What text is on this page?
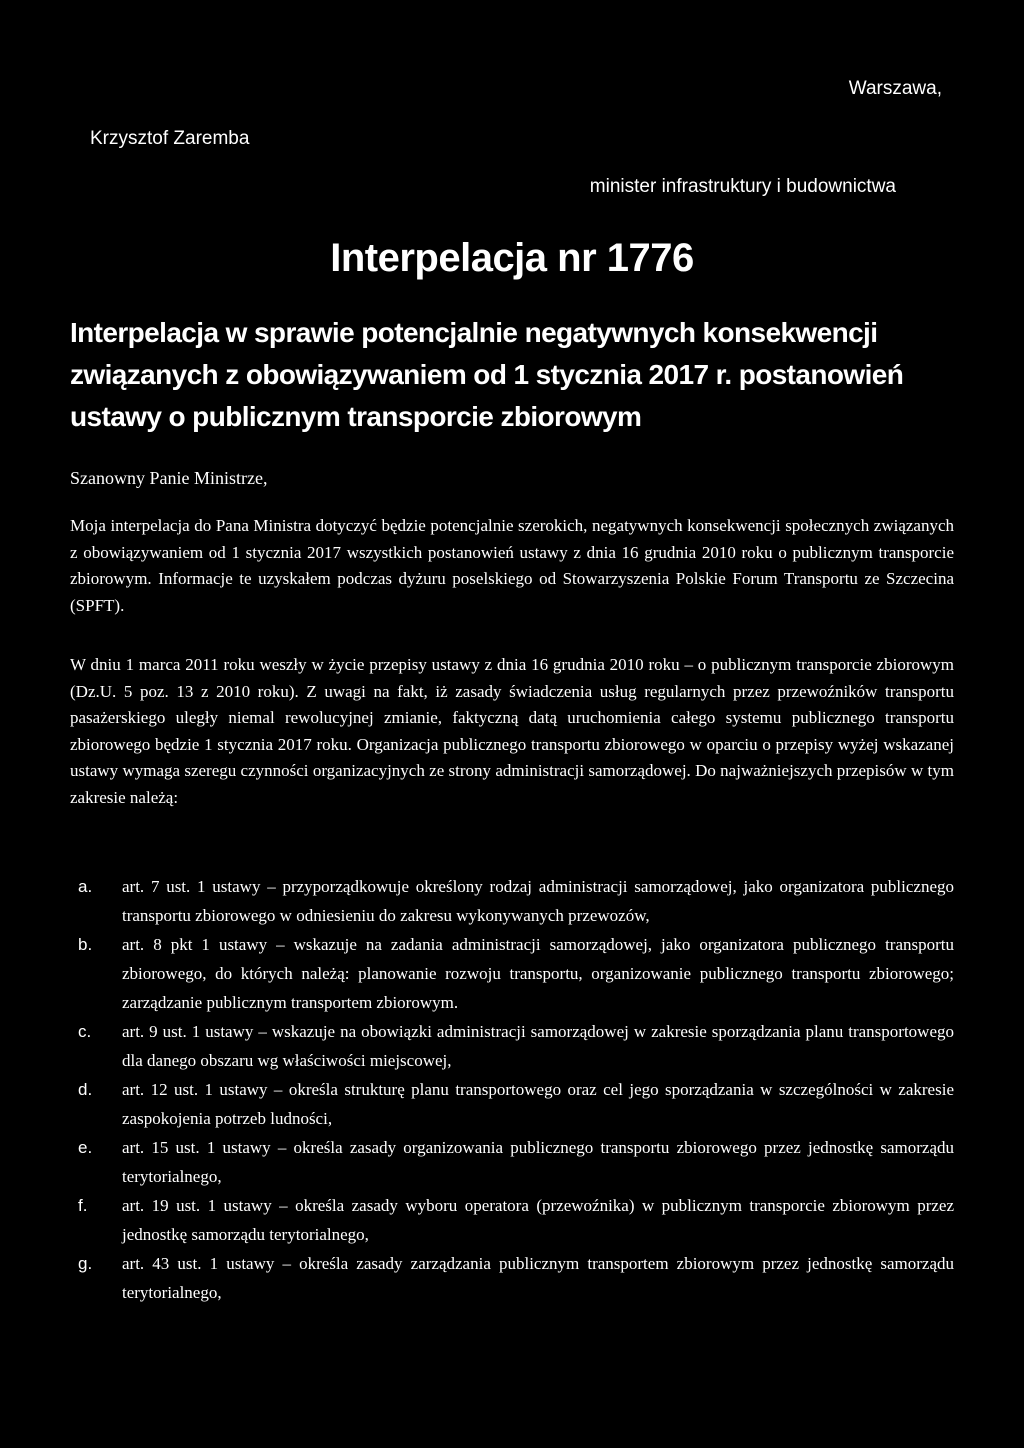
Warszawa,
Krzysztof Zaremba
minister infrastruktury i budownictwa
Interpelacja nr 1776
Interpelacja w sprawie potencjalnie negatywnych konsekwencji związanych z obowiązywaniem od 1 stycznia 2017 r. postanowień ustawy o publicznym transporcie zbiorowym
Szanowny Panie Ministrze,

Moja interpelacja do Pana Ministra dotyczyć będzie potencjalnie szerokich, negatywnych konsekwencji społecznych związanych z obowiązywaniem od 1 stycznia 2017 wszystkich postanowień ustawy z dnia 16 grudnia 2010 roku o publicznym transporcie zbiorowym. Informacje te uzyskałem podczas dyżuru poselskiego od Stowarzyszenia Polskie Forum Transportu ze Szczecina (SPFT).

W dniu 1 marca 2011 roku weszły w życie przepisy ustawy z dnia 16 grudnia 2010 roku – o publicznym transporcie zbiorowym (Dz.U. 5 poz. 13 z 2010 roku). Z uwagi na fakt, iż zasady świadczenia usług regularnych przez przewoźników transportu pasażerskiego uległy niemal rewolucyjnej zmianie, faktyczną datą uruchomienia całego systemu publicznego transportu zbiorowego będzie 1 stycznia 2017 roku. Organizacja publicznego transportu zbiorowego w oparciu o przepisy wyżej wskazanej ustawy wymaga szeregu czynności organizacyjnych ze strony administracji samorządowej. Do najważniejszych przepisów w tym zakresie należą:

a. art. 7 ust. 1 ustawy – przyporządkowuje określony rodzaj administracji samorządowej, jako organizatora publicznego transportu zbiorowego w odniesieniu do zakresu wykonywanych przewozów,
b. art. 8 pkt 1 ustawy – wskazuje na zadania administracji samorządowej, jako organizatora publicznego transportu zbiorowego, do których należą: planowanie rozwoju transportu, organizowanie publicznego transportu zbiorowego; zarządzanie publicznym transportem zbiorowym.
c. art. 9 ust. 1 ustawy – wskazuje na obowiązki administracji samorządowej w zakresie sporządzania planu transportowego dla danego obszaru wg właściwości miejscowej,
d. art. 12 ust. 1 ustawy – określa strukturę planu transportowego oraz cel jego sporządzania w szczególności w zakresie zaspokojenia potrzeb ludności,
e. art. 15 ust. 1 ustawy – określa zasady organizowania publicznego transportu zbiorowego przez jednostkę samorządu terytorialnego,
f. art. 19 ust. 1 ustawy – określa zasady wyboru operatora (przewoźnika) w publicznym transporcie zbiorowym przez jednostkę samorządu terytorialnego,
g. art. 43 ust. 1 ustawy – określa zasady zarządzania publicznym transportem zbiorowym przez jednostkę samorządu terytorialnego,
